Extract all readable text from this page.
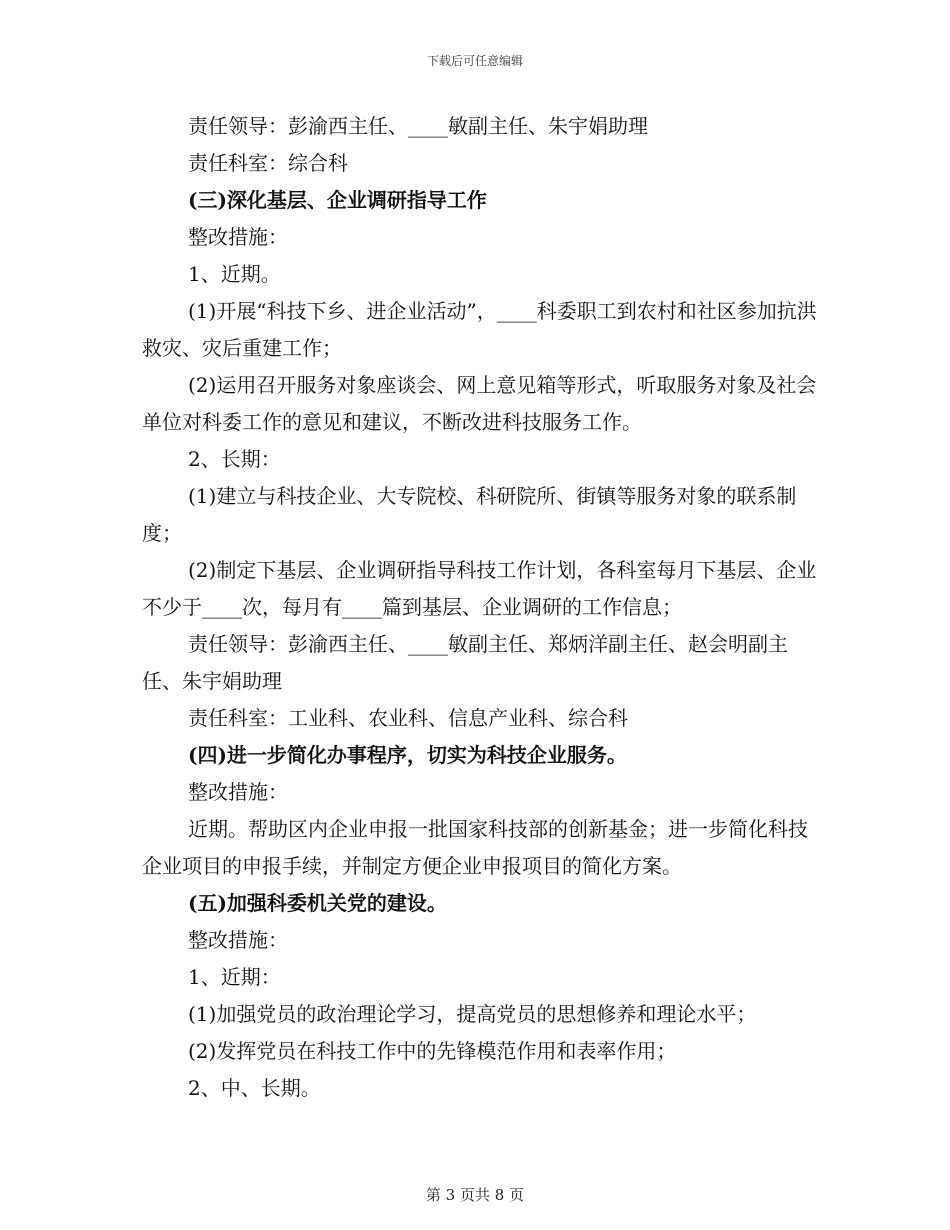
下载后可任意编辑

责任领导：彭渝西主任、____敏副主任、朱宇娟助理

责任科室：综合科

(三)深化基层、企业调研指导工作

整改措施：

1、近期。

(1)开展“科技下乡、进企业活动”，____科委职工到农村和社区参加抗洪救灾、灾后重建工作；

(2)运用召开服务对象座谈会、网上意见箱等形式，听取服务对象及社会单位对科委工作的意见和建议，不断改进科技服务工作。

2、长期：

(1)建立与科技企业、大专院校、科研院所、街镇等服务对象的联系制度；

(2)制定下基层、企业调研指导科技工作计划，各科室每月下基层、企业不少于____次，每月有____篇到基层、企业调研的工作信息；

责任领导：彭渝西主任、____敏副主任、郑炳洋副主任、赵会明副主任、朱宇娟助理

责任科室：工业科、农业科、信息产业科、综合科

(四)进一步简化办事程序，切实为科技企业服务。

整改措施：

近期。帮助区内企业申报一批国家科技部的创新基金；进一步简化科技企业项目的申报手续，并制定方便企业申报项目的简化方案。

(五)加强科委机关党的建设。

整改措施：

1、近期：

(1)加强党员的政治理论学习，提高党员的思想修养和理论水平；

(2)发挥党员在科技工作中的先锋模范作用和表率作用；

2、中、长期。

第 3 页共 8 页
